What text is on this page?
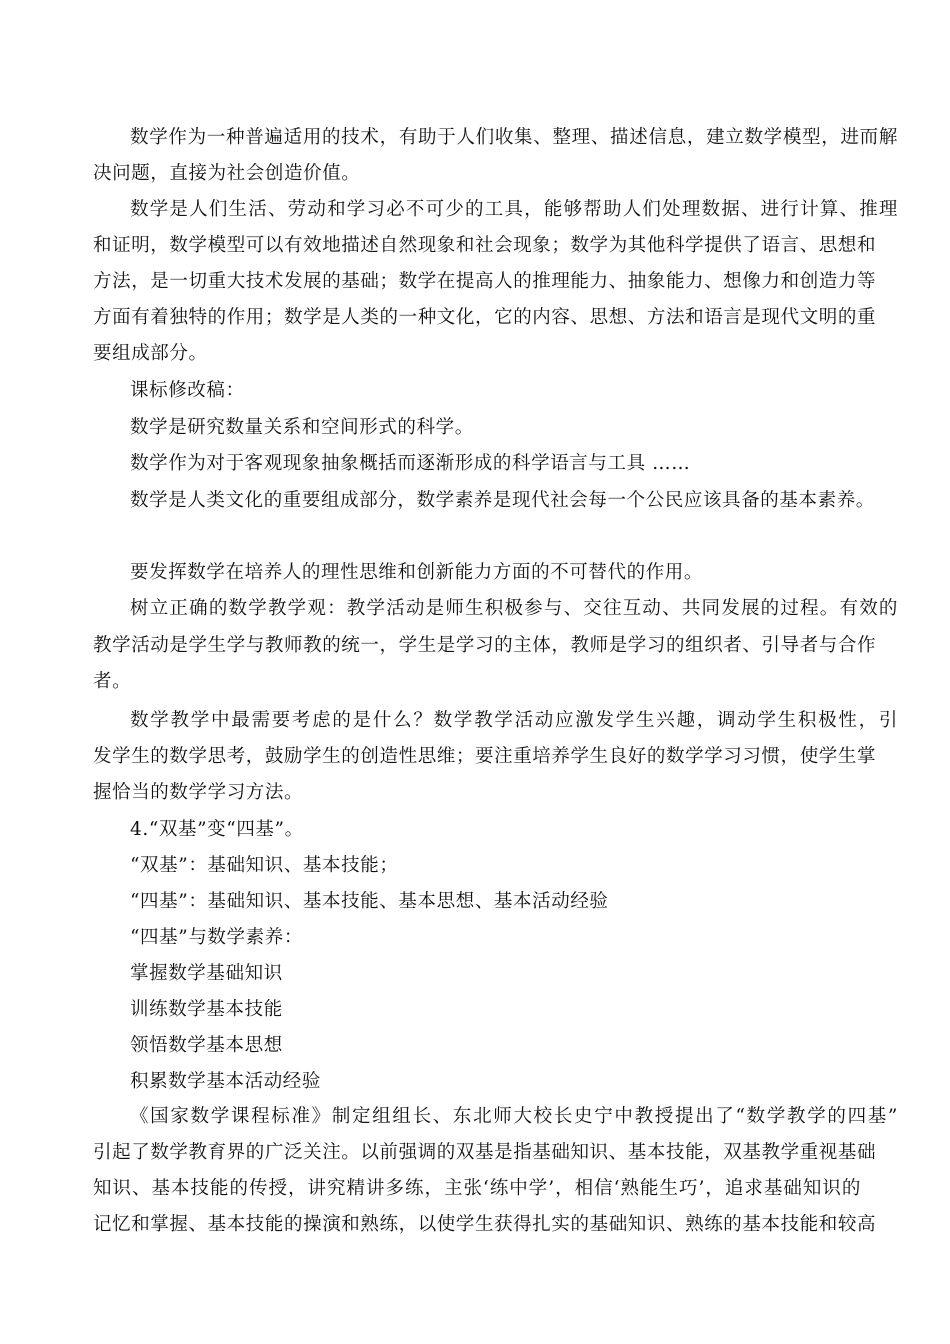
数学作为一种普遍适用的技术，有助于人们收集、整理、描述信息，建立数学模型，进而解
决问题，直接为社会创造价值。
数学是人们生活、劳动和学习必不可少的工具，能够帮助人们处理数据、进行计算、推理
和证明，数学模型可以有效地描述自然现象和社会现象；数学为其他科学提供了语言、思想和
方法，是一切重大技术发展的基础；数学在提高人的推理能力、抽象能力、想像力和创造力等
方面有着独特的作用；数学是人类的一种文化，它的内容、思想、方法和语言是现代文明的重
要组成部分。
课标修改稿：
数学是研究数量关系和空间形式的科学。
数学作为对于客观现象抽象概括而逐渐形成的科学语言与工具 ……
数学是人类文化的重要组成部分，数学素养是现代社会每一个公民应该具备的基本素养。
要发挥数学在培养人的理性思维和创新能力方面的不可替代的作用。
树立正确的数学教学观：教学活动是师生积极参与、交往互动、共同发展的过程。有效的
教学活动是学生学与教师教的统一，学生是学习的主体，教师是学习的组织者、引导者与合作
者。
数学教学中最需要考虑的是什么？数学教学活动应激发学生兴趣，调动学生积极性，引
发学生的数学思考，鼓励学生的创造性思维；要注重培养学生良好的数学学习习惯，使学生掌
握恰当的数学学习方法。
4.“双基”变“四基”。
“双基”：基础知识、基本技能；
“四基”：基础知识、基本技能、基本思想、基本活动经验
“四基”与数学素养：
掌握数学基础知识
训练数学基本技能
领悟数学基本思想
积累数学基本活动经验
《国家数学课程标准》制定组组长、东北师大校长史宁中教授提出了“数学教学的四基”
引起了数学教育界的广泛关注。以前强调的双基是指基础知识、基本技能，双基教学重视基础
知识、基本技能的传授，讲究精讲多练，主张‘练中学’，相信‘熟能生巧’，追求基础知识的
记忆和掌握、基本技能的操演和熟练，以使学生获得扎实的基础知识、熟练的基本技能和较高
